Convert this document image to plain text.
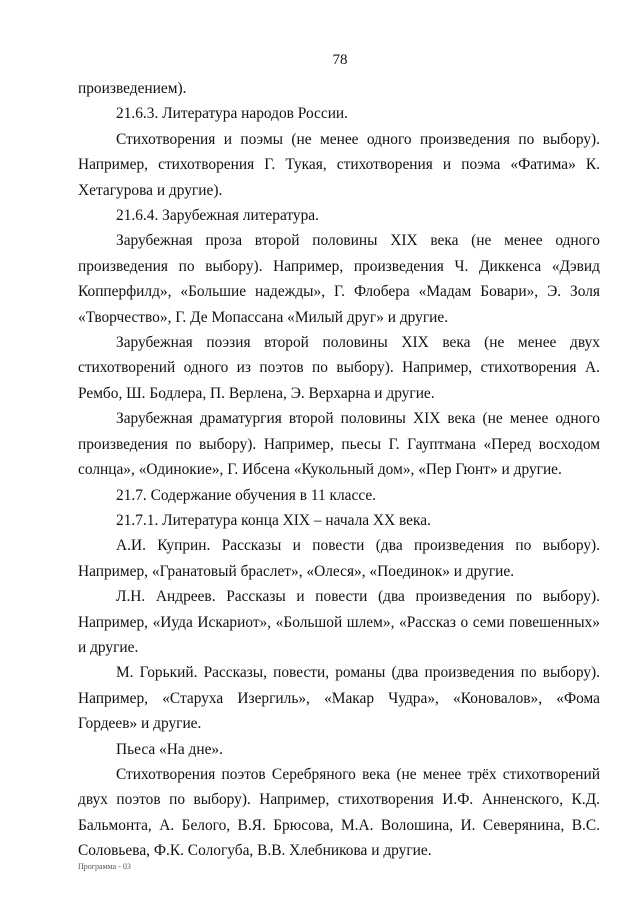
78

произведением).

21.6.3. Литература народов России.

Стихотворения и поэмы (не менее одного произведения по выбору). Например, стихотворения Г. Тукая, стихотворения и поэма «Фатима» К. Хетагурова и другие).

21.6.4. Зарубежная литература.

Зарубежная проза второй половины XIX века (не менее одного произведения по выбору). Например, произведения Ч. Диккенса «Дэвид Копперфилд», «Большие надежды», Г. Флобера «Мадам Бовари», Э. Золя «Творчество», Г. Де Мопассана «Милый друг» и другие.

Зарубежная поэзия второй половины XIX века (не менее двух стихотворений одного из поэтов по выбору). Например, стихотворения А. Рембо, Ш. Бодлера, П. Верлена, Э. Верхарна и другие.

Зарубежная драматургия второй половины XIX века (не менее одного произведения по выбору). Например, пьесы Г. Гауптмана «Перед восходом солнца», «Одинокие», Г. Ибсена «Кукольный дом», «Пер Гюнт» и другие.

21.7. Содержание обучения в 11 классе.

21.7.1. Литература конца XIX – начала XX века.

А.И. Куприн. Рассказы и повести (два произведения по выбору). Например, «Гранатовый браслет», «Олеся», «Поединок» и другие.

Л.Н. Андреев. Рассказы и повести (два произведения по выбору). Например, «Иуда Искариот», «Большой шлем», «Рассказ о семи повешенных» и другие.

М. Горький. Рассказы, повести, романы (два произведения по выбору). Например, «Старуха Изергиль», «Макар Чудра», «Коновалов», «Фома Гордеев» и другие.

Пьеса «На дне».

Стихотворения поэтов Серебряного века (не менее трёх стихотворений двух поэтов по выбору). Например, стихотворения И.Ф. Анненского, К.Д. Бальмонта, А. Белого, В.Я. Брюсова, М.А. Волошина, И. Северянина, В.С. Соловьева, Ф.К. Сологуба, В.В. Хлебникова и другие.

Программа - 03
